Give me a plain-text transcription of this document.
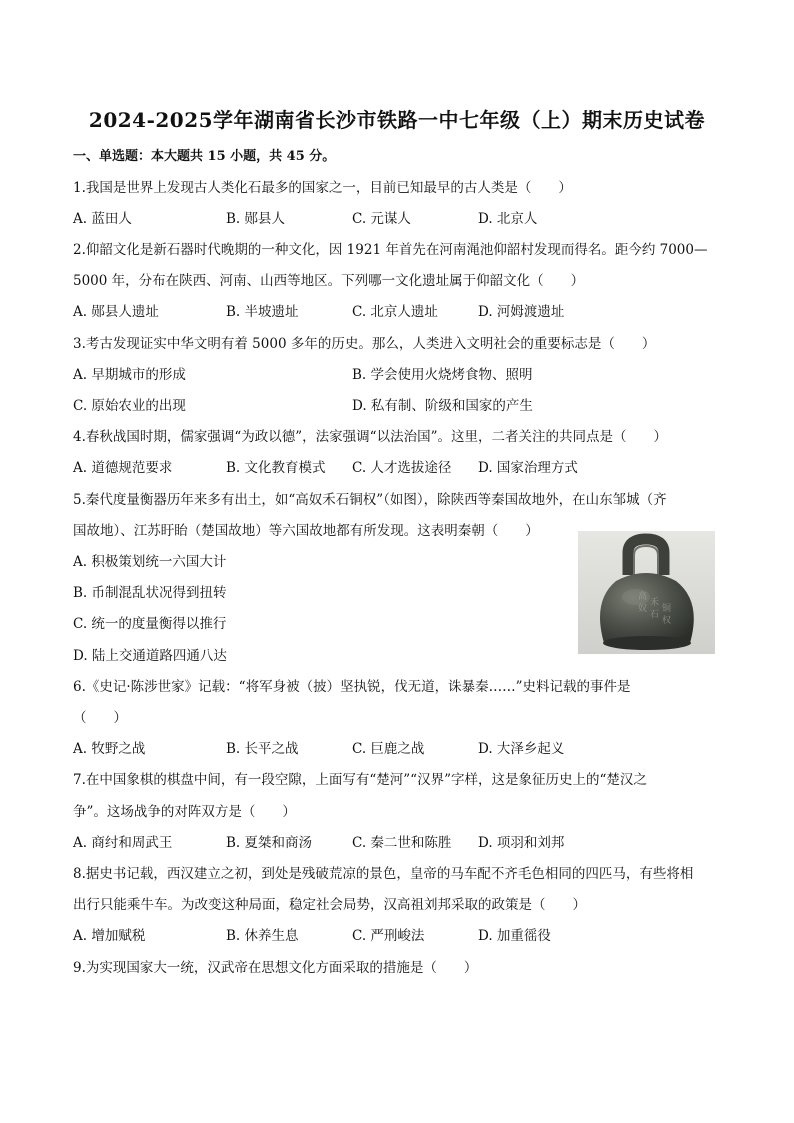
2024-2025学年湖南省长沙市铁路一中七年级（上）期末历史试卷
一、单选题：本大题共 15 小题，共 45 分。
1.我国是世界上发现古人类化石最多的国家之一，目前已知最早的古人类是（　　）
A. 蓝田人	B. 郧县人	C. 元谋人	D. 北京人
2.仰韶文化是新石器时代晚期的一种文化，因 1921 年首先在河南渑池仰韶村发现而得名。距今约 7000—
5000 年，分布在陕西、河南、山西等地区。下列哪一文化遗址属于仰韶文化（　　）
A. 郧县人遗址	B. 半坡遗址	C. 北京人遗址	D. 河姆渡遗址
3.考古发现证实中华文明有着 5000 多年的历史。那么，人类进入文明社会的重要标志是（　　）
A. 早期城市的形成	B. 学会使用火烧烤食物、照明
C. 原始农业的出现	D. 私有制、阶级和国家的产生
4.春秋战国时期，儒家强调“为政以德”，法家强调“以法治国”。这里，二者关注的共同点是（　　）
A. 道德规范要求	B. 文化教育模式 C. 人才选拔途径 D. 国家治理方式
5.秦代度量衡器历年来多有出土，如“高奴禾石铜权”（如图），除陕西等秦国故地外，在山东邹城（齐
国故地）、江苏盱眙（楚国故地）等六国故地都有所发现。这表明秦朝（　　）
A. 积极策划统一六国大计
B. 币制混乱状况得到扭转
C. 统一的度量衡得以推行
D. 陆上交通道路四通八达
高
奴
禾
石
铜
权
6.《史记·陈涉世家》记载：“将军身被（披）坚执锐，伐无道，诛暴秦……”史料记载的事件是
（　　）
A. 牧野之战	B. 长平之战	C. 巨鹿之战	D. 大泽乡起义
7.在中国象棋的棋盘中间，有一段空隙，上面写有“楚河”“汉界”字样，这是象征历史上的“楚汉之
争”。这场战争的对阵双方是（　　）
A. 商纣和周武王	B. 夏桀和商汤	C. 秦二世和陈胜 D. 项羽和刘邦
8.据史书记载，西汉建立之初，到处是残破荒凉的景色，皇帝的马车配不齐毛色相同的四匹马，有些将相
出行只能乘牛车。为改变这种局面，稳定社会局势，汉高祖刘邦采取的政策是（　　）
A. 增加赋税	B. 休养生息	C. 严刑峻法	D. 加重徭役
9.为实现国家大一统，汉武帝在思想文化方面采取的措施是（　　）
